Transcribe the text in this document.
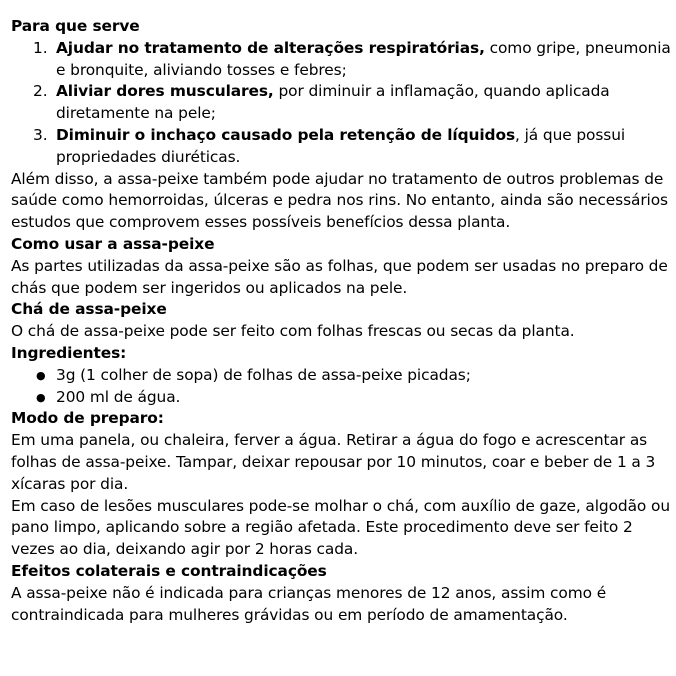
Para que serve

1. Ajudar no tratamento de alterações respiratórias, como gripe, pneumonia e bronquite, aliviando tosses e febres;
2. Aliviar dores musculares, por diminuir a inflamação, quando aplicada diretamente na pele;
3. Diminuir o inchaço causado pela retenção de líquidos, já que possui propriedades diuréticas.

Além disso, a assa-peixe também pode ajudar no tratamento de outros problemas de saúde como hemorroidas, úlceras e pedra nos rins. No entanto, ainda são necessários estudos que comprovem esses possíveis benefícios dessa planta.

Como usar a assa-peixe

As partes utilizadas da assa-peixe são as folhas, que podem ser usadas no preparo de chás que podem ser ingeridos ou aplicados na pele.

Chá de assa-peixe

O chá de assa-peixe pode ser feito com folhas frescas ou secas da planta.

Ingredientes:

● 3g (1 colher de sopa) de folhas de assa-peixe picadas;
● 200 ml de água.

Modo de preparo:

Em uma panela, ou chaleira, ferver a água. Retirar a água do fogo e acrescentar as folhas de assa-peixe. Tampar, deixar repousar por 10 minutos, coar e beber de 1 a 3 xícaras por dia.

Em caso de lesões musculares pode-se molhar o chá, com auxílio de gaze, algodão ou pano limpo, aplicando sobre a região afetada. Este procedimento deve ser feito 2 vezes ao dia, deixando agir por 2 horas cada.

Efeitos colaterais e contraindicações

A assa-peixe não é indicada para crianças menores de 12 anos, assim como é contraindicada para mulheres grávidas ou em período de amamentação.
